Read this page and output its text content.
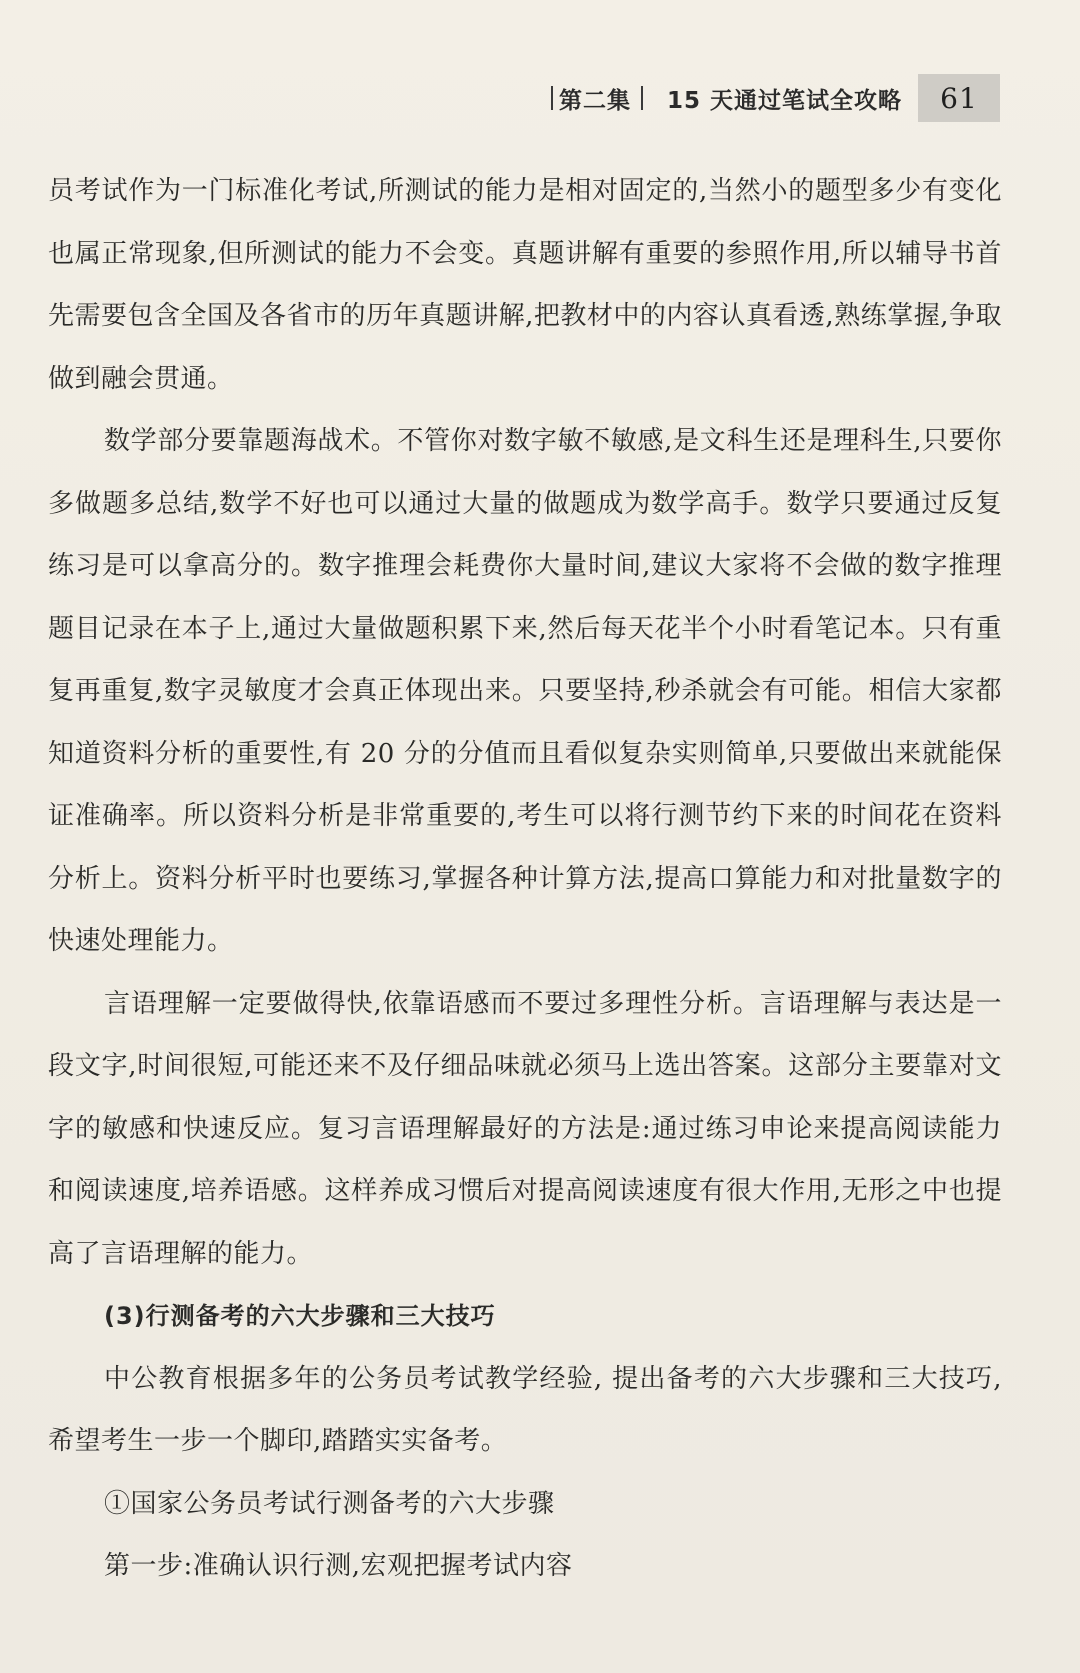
第二集 15 天通过笔试全攻略	61

员考试作为一门标准化考试,所测试的能力是相对固定的,当然小的题型多少有变化也属正常现象,但所测试的能力不会变。真题讲解有重要的参照作用,所以辅导书首先需要包含全国及各省市的历年真题讲解,把教材中的内容认真看透,熟练掌握,争取做到融会贯通。

数学部分要靠题海战术。不管你对数字敏不敏感,是文科生还是理科生,只要你多做题多总结,数学不好也可以通过大量的做题成为数学高手。数学只要通过反复练习是可以拿高分的。数字推理会耗费你大量时间,建议大家将不会做的数字推理题目记录在本子上,通过大量做题积累下来,然后每天花半个小时看笔记本。只有重复再重复,数字灵敏度才会真正体现出来。只要坚持,秒杀就会有可能。相信大家都知道资料分析的重要性,有 20 分的分值而且看似复杂实则简单,只要做出来就能保证准确率。所以资料分析是非常重要的,考生可以将行测节约下来的时间花在资料分析上。资料分析平时也要练习,掌握各种计算方法,提高口算能力和对批量数字的快速处理能力。

言语理解一定要做得快,依靠语感而不要过多理性分析。言语理解与表达是一段文字,时间很短,可能还来不及仔细品味就必须马上选出答案。这部分主要靠对文字的敏感和快速反应。复习言语理解最好的方法是:通过练习申论来提高阅读能力和阅读速度,培养语感。这样养成习惯后对提高阅读速度有很大作用,无形之中也提高了言语理解的能力。

(3)行测备考的六大步骤和三大技巧

中公教育根据多年的公务员考试教学经验, 提出备考的六大步骤和三大技巧,希望考生一步一个脚印,踏踏实实备考。

①国家公务员考试行测备考的六大步骤

第一步:准确认识行测,宏观把握考试内容
